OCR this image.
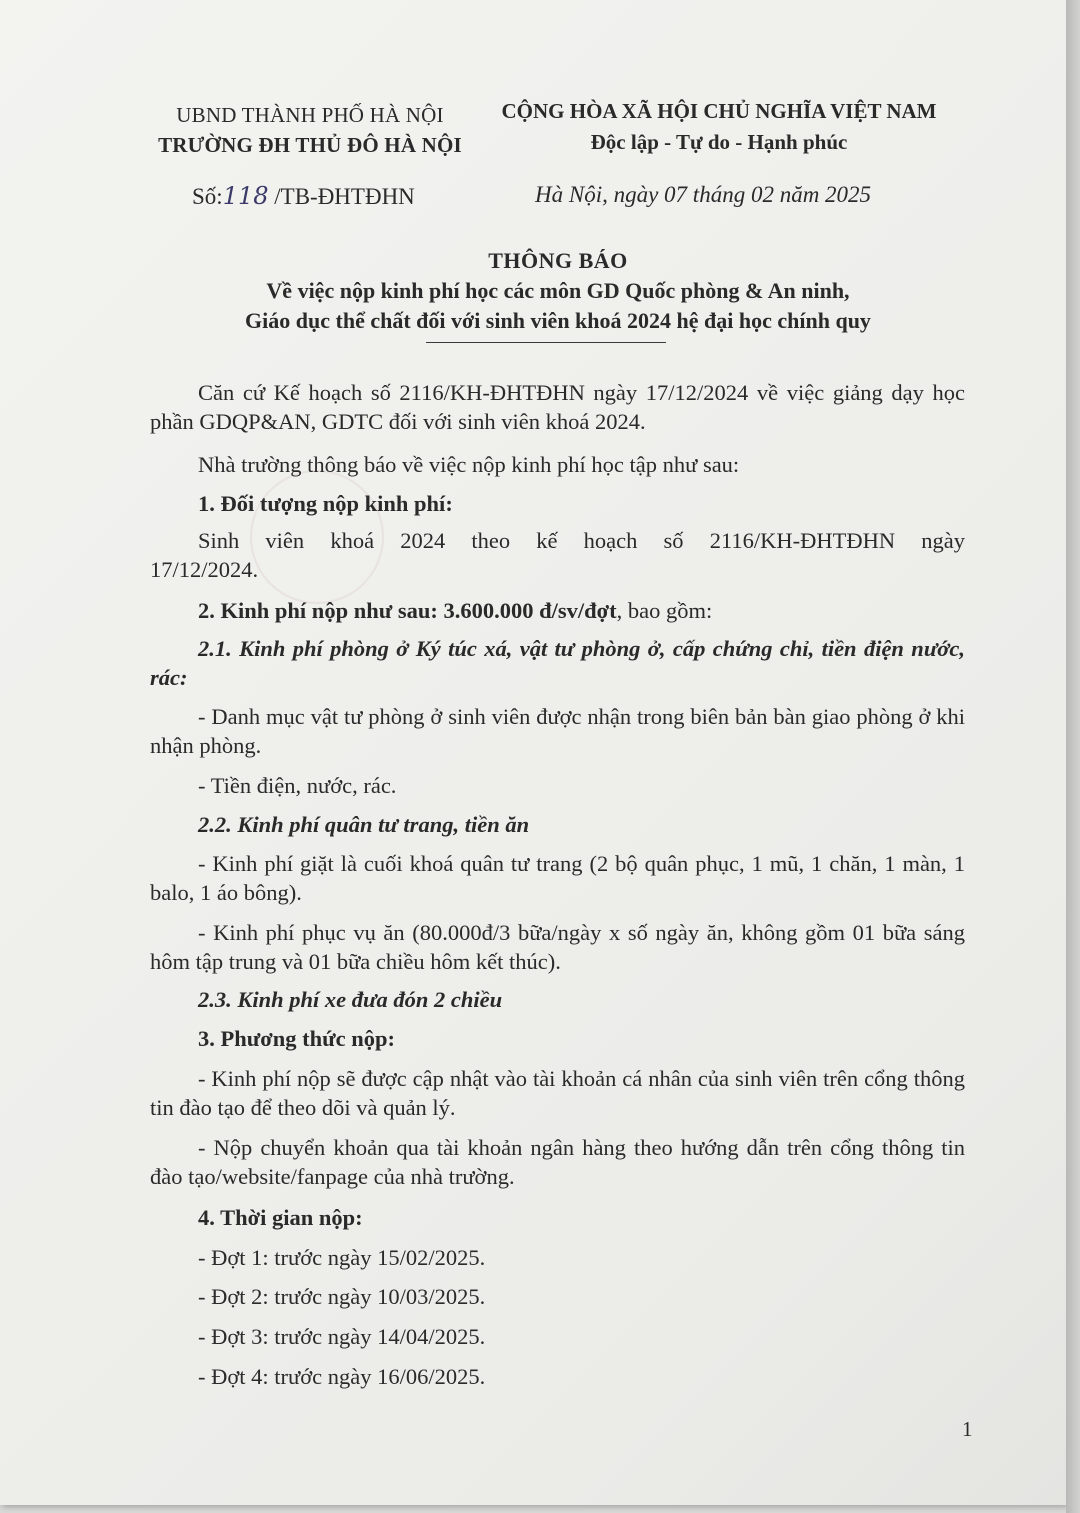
UBND THÀNH PHỐ HÀ NỘI
TRƯỜNG ĐH THỦ ĐÔ HÀ NỘI
CỘNG HÒA XÃ HỘI CHỦ NGHĨA VIỆT NAM
Độc lập - Tự do - Hạnh phúc
Số:118 /TB-ĐHTĐHN	Hà Nội, ngày 07 tháng 02 năm 2025
THÔNG BÁO
Về việc nộp kinh phí học các môn GD Quốc phòng & An ninh,
Giáo dục thể chất đối với sinh viên khoá 2024 hệ đại học chính quy
Căn cứ Kế hoạch số 2116/KH-ĐHTĐHN ngày 17/12/2024 về việc giảng dạy học phần GDQP&AN, GDTC đối với sinh viên khoá 2024.
Nhà trường thông báo về việc nộp kinh phí học tập như sau:
1. Đối tượng nộp kinh phí:
Sinh viên khoá 2024 theo kế hoạch số 2116/KH-ĐHTĐHN ngày 17/12/2024.
2. Kinh phí nộp như sau: 3.600.000 đ/sv/đợt, bao gồm:
2.1. Kinh phí phòng ở Ký túc xá, vật tư phòng ở, cấp chứng chỉ, tiền điện nước, rác:
- Danh mục vật tư phòng ở sinh viên được nhận trong biên bản bàn giao phòng ở khi nhận phòng.
- Tiền điện, nước, rác.
2.2. Kinh phí quân tư trang, tiền ăn
- Kinh phí giặt là cuối khoá quân tư trang (2 bộ quân phục, 1 mũ, 1 chăn, 1 màn, 1 balo, 1 áo bông).
- Kinh phí phục vụ ăn (80.000đ/3 bữa/ngày x số ngày ăn, không gồm 01 bữa sáng hôm tập trung và 01 bữa chiều hôm kết thúc).
2.3. Kinh phí xe đưa đón 2 chiều
3. Phương thức nộp:
- Kinh phí nộp sẽ được cập nhật vào tài khoản cá nhân của sinh viên trên cổng thông tin đào tạo để theo dõi và quản lý.
- Nộp chuyển khoản qua tài khoản ngân hàng theo hướng dẫn trên cổng thông tin đào tạo/website/fanpage của nhà trường.
4. Thời gian nộp:
- Đợt 1: trước ngày 15/02/2025.
- Đợt 2: trước ngày 10/03/2025.
- Đợt 3: trước ngày 14/04/2025.
- Đợt 4: trước ngày 16/06/2025.
1
